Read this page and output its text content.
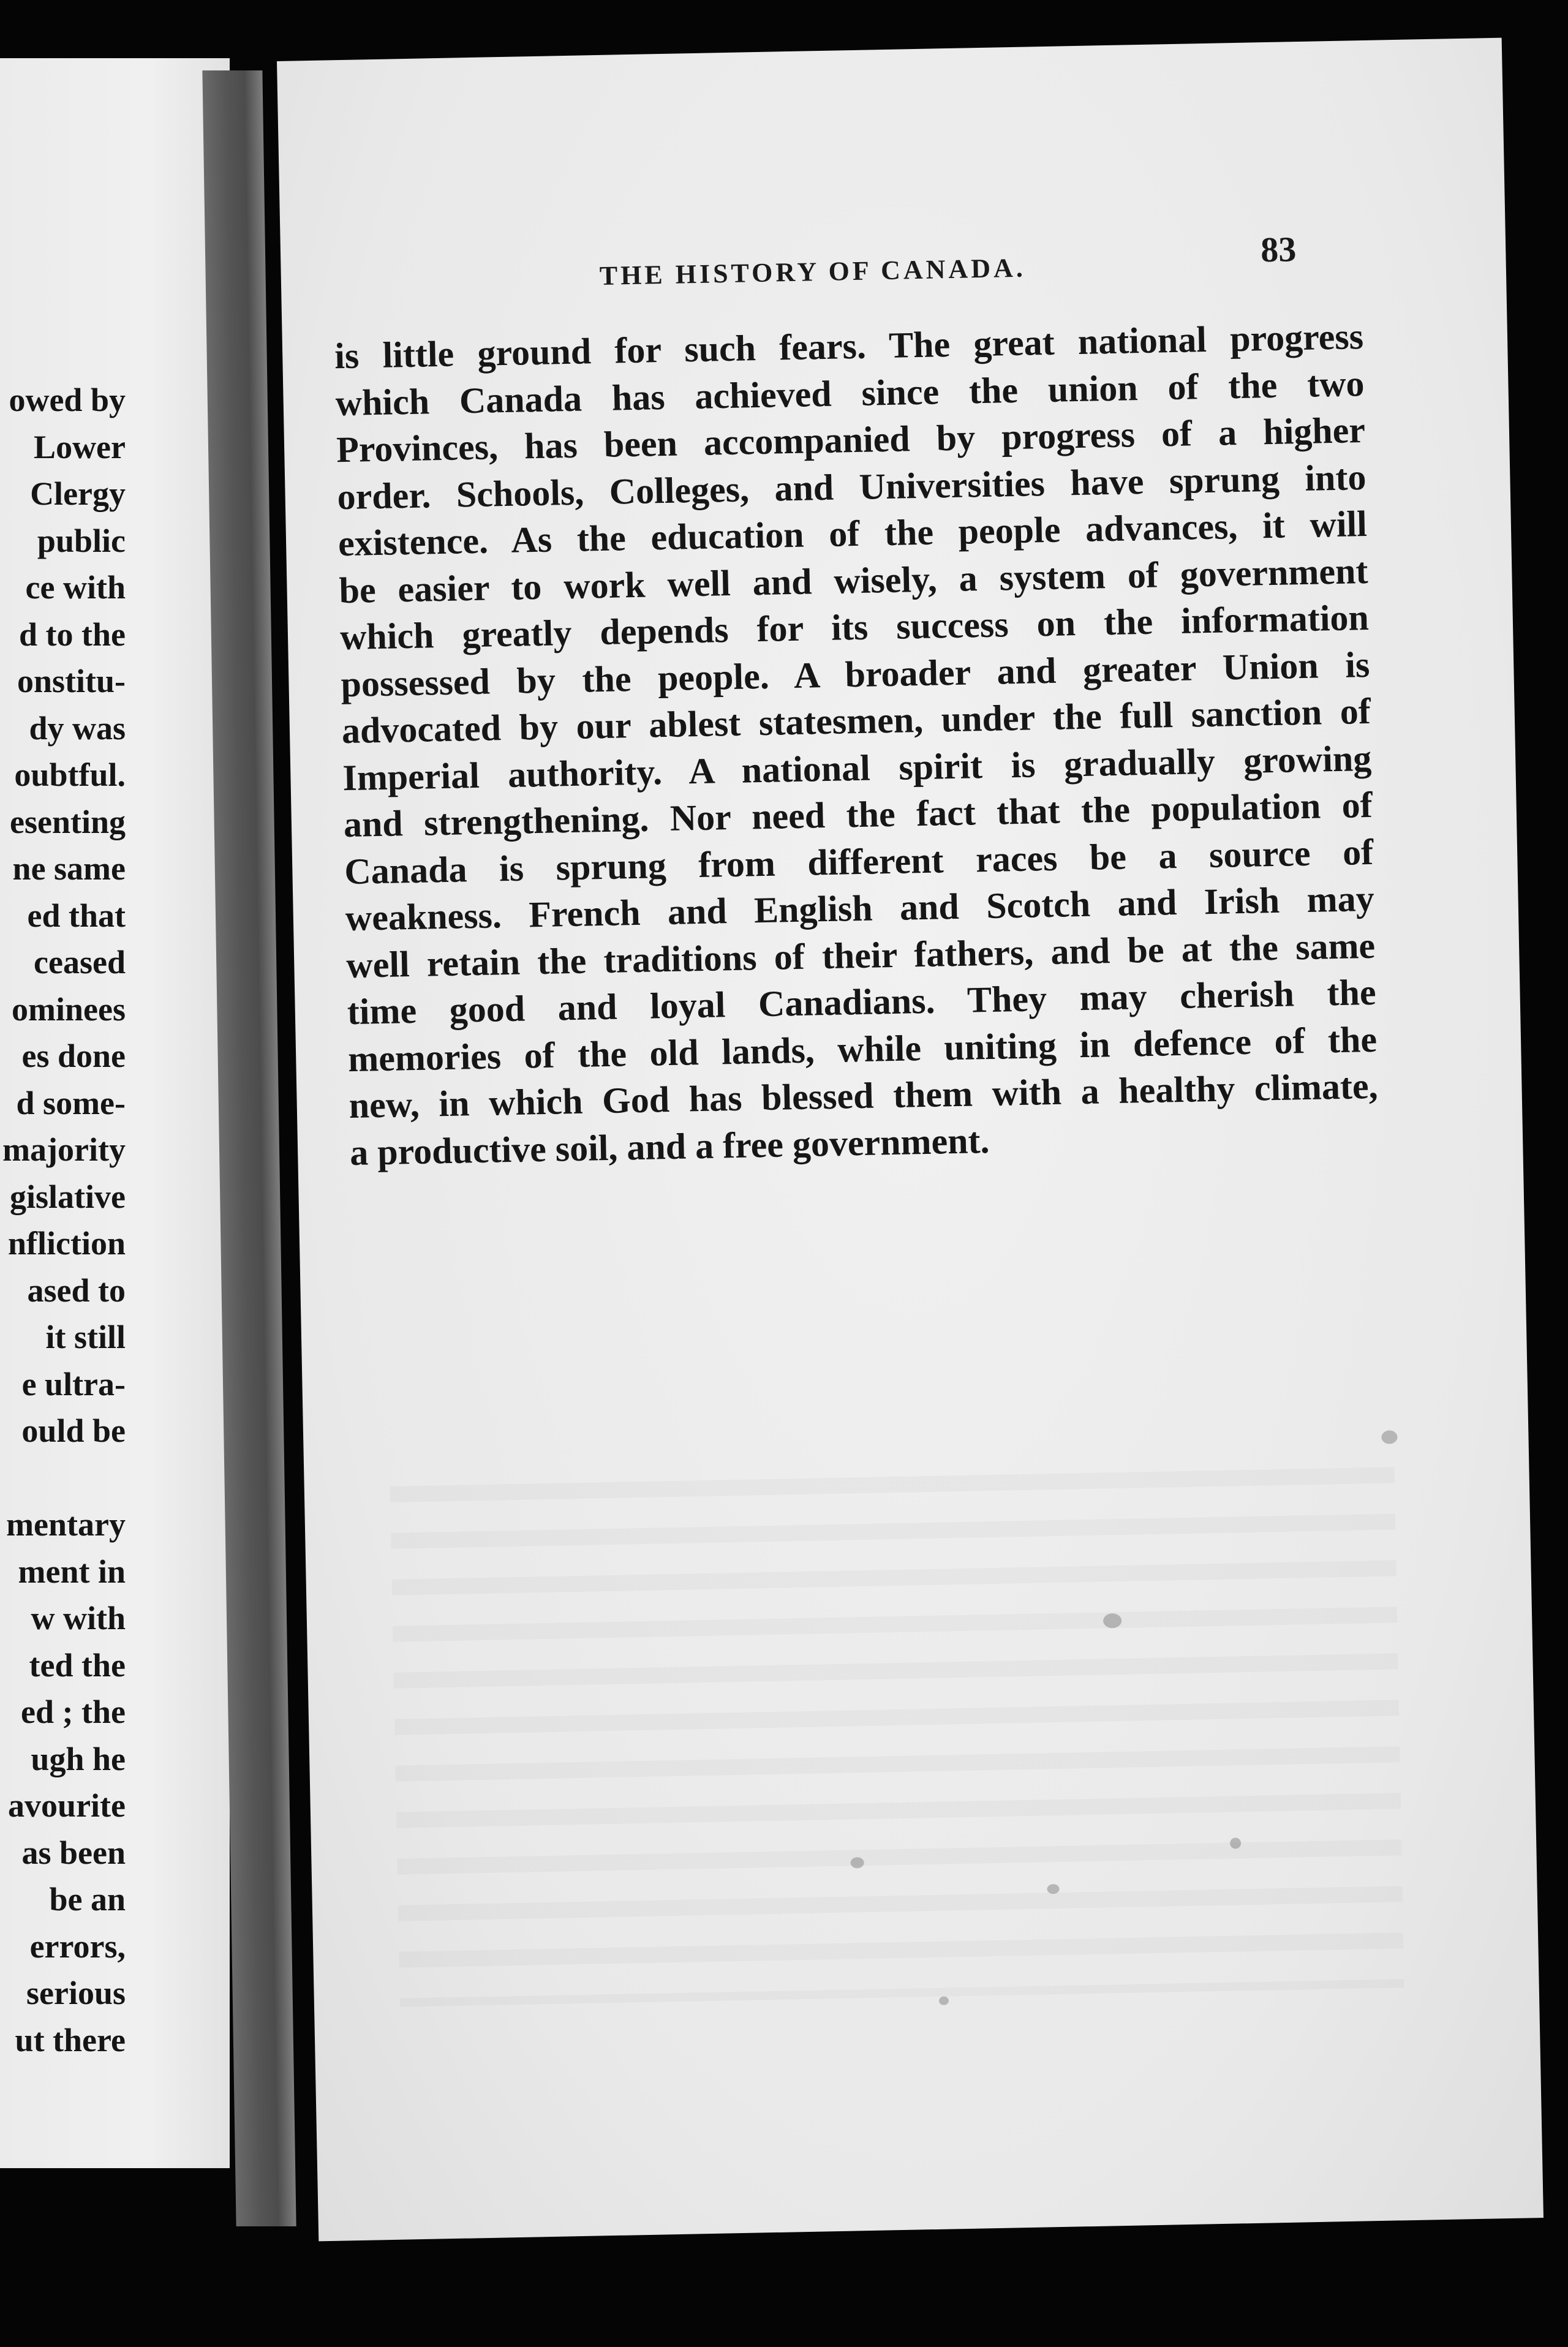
owed by
Lower
Clergy
public
ce with
d to the
onstitu-
dy was
oubtful.
esenting
ne same
ed that
ceased
ominees
es done
d some-
majority
gislative
nfliction
ased to
it still
e ultra-
ould be

mentary
ment in
w with
ted the
ed ; the
ugh he
avourite
as been
be an
errors,
serious
ut there
THE HISTORY OF CANADA.
83
is little ground for such fears. The great national progress
which Canada has achieved since the union of the two
Provinces, has been accompanied by progress of a higher
order. Schools, Colleges, and Universities have sprung into
existence. As the education of the people advances, it will
be easier to work well and wisely, a system of government
which greatly depends for its success on the information
possessed by the people. A broader and greater Union is
advocated by our ablest statesmen, under the full sanction of
Imperial authority. A national spirit is gradually growing
and strengthening. Nor need the fact that the population of
Canada is sprung from different races be a source of
weakness. French and English and Scotch and Irish may
well retain the traditions of their fathers, and be at the same
time good and loyal Canadians. They may cherish the
memories of the old lands, while uniting in defence of the
new, in which God has blessed them with a healthy climate,
a productive soil, and a free government.
